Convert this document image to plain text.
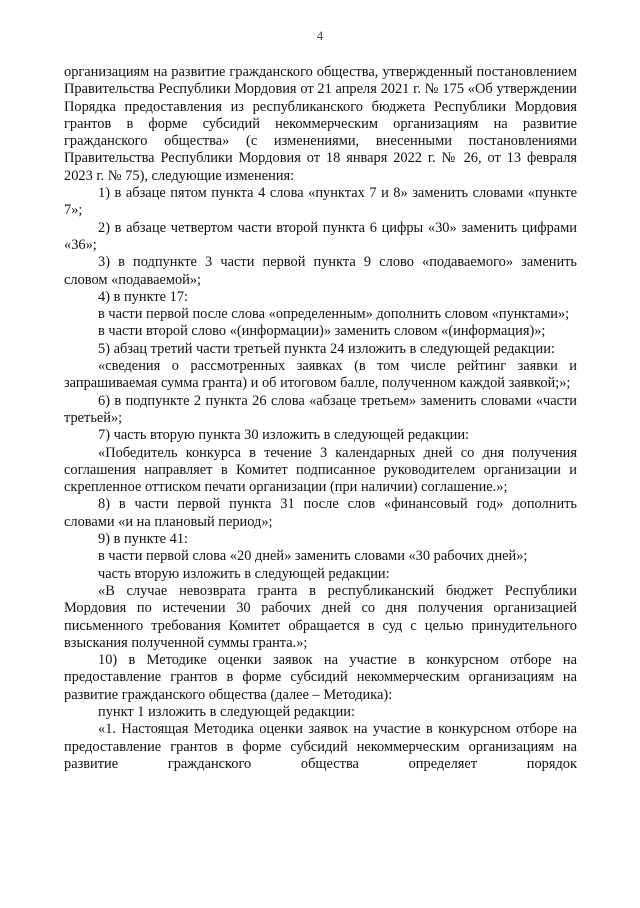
4

организациям на развитие гражданского общества, утвержденный постановлением Правительства Республики Мордовия от 21 апреля 2021 г. № 175 «Об утверждении Порядка предоставления из республиканского бюджета Республики Мордовия грантов в форме субсидий некоммерческим организациям на развитие гражданского общества» (с изменениями, внесенными постановлениями Правительства Республики Мордовия от 18 января 2022 г. № 26, от 13 февраля 2023 г. № 75), следующие изменения:

1) в абзаце пятом пункта 4 слова «пунктах 7 и 8» заменить словами «пункте 7»;

2) в абзаце четвертом части второй пункта 6 цифры «30» заменить цифрами «36»;

3) в подпункте 3 части первой пункта 9 слово «подаваемого» заменить словом «подаваемой»;

4) в пункте 17:

в части первой после слова «определенным» дополнить словом «пунктами»;

в части второй слово «(информации)» заменить словом «(информация)»;

5) абзац третий части третьей пункта 24 изложить в следующей редакции:

«сведения о рассмотренных заявках (в том числе рейтинг заявки и запрашиваемая сумма гранта) и об итоговом балле, полученном каждой заявкой;»;

6) в подпункте 2 пункта 26 слова «абзаце третьем» заменить словами «части третьей»;

7) часть вторую пункта 30 изложить в следующей редакции:

«Победитель конкурса в течение 3 календарных дней со дня получения соглашения направляет в Комитет подписанное руководителем организации и скрепленное оттиском печати организации (при наличии) соглашение.»;

8) в части первой пункта 31 после слов «финансовый год» дополнить словами «и на плановый период»;

9) в пункте 41:

в части первой слова «20 дней» заменить словами «30 рабочих дней»;

часть вторую изложить в следующей редакции:

«В случае невозврата гранта в республиканский бюджет Республики Мордовия по истечении 30 рабочих дней со дня получения организацией письменного требования Комитет обращается в суд с целью принудительного взыскания полученной суммы гранта.»;

10) в Методике оценки заявок на участие в конкурсном отборе на предоставление грантов в форме субсидий некоммерческим организациям на развитие гражданского общества (далее – Методика):

пункт 1 изложить в следующей редакции:

«1. Настоящая Методика оценки заявок на участие в конкурсном отборе на предоставление грантов в форме субсидий некоммерческим организациям на развитие гражданского общества определяет порядок
